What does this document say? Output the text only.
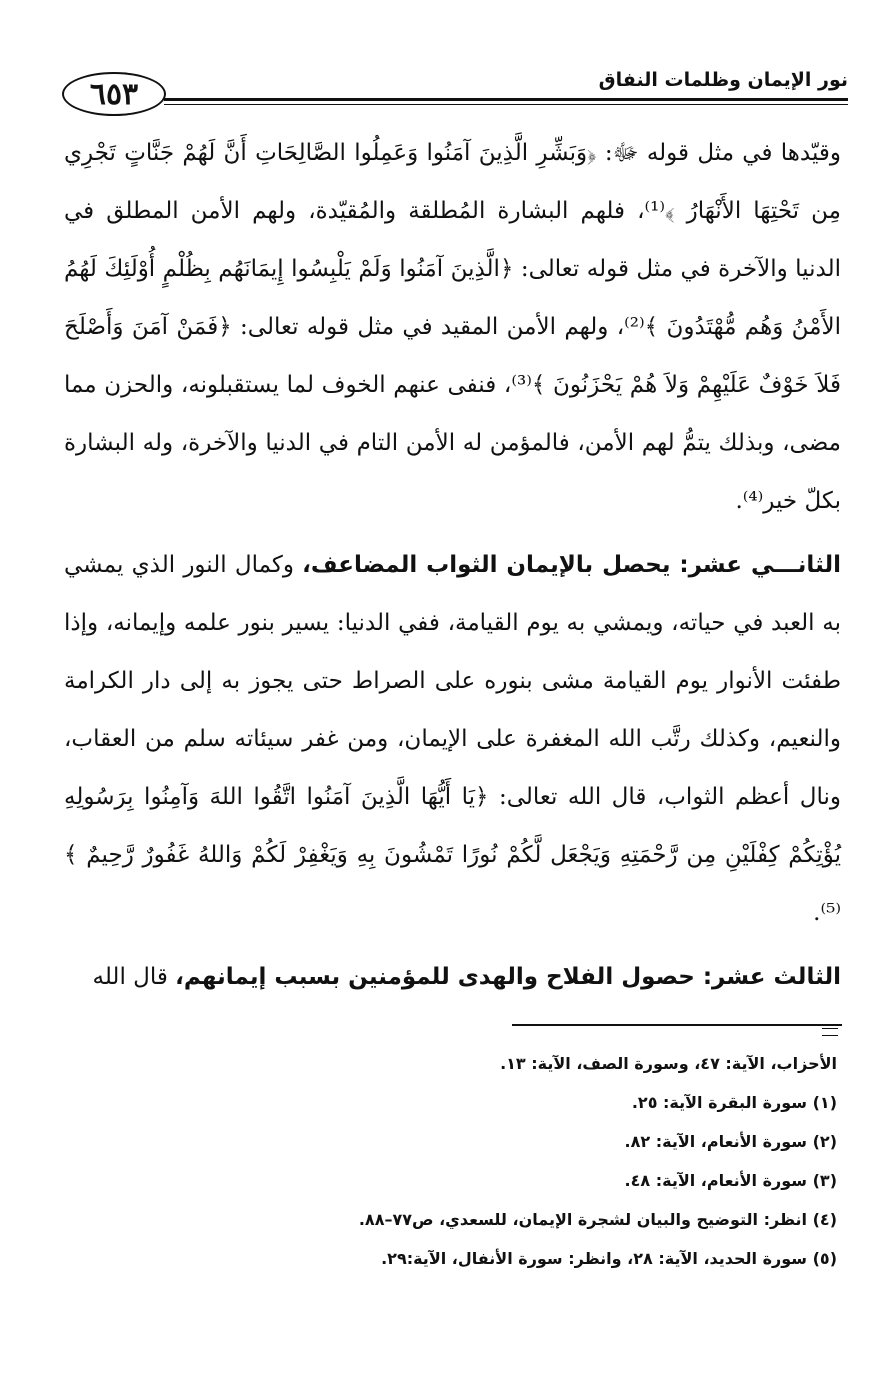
٦٥٣	نور الإيمان وظلمات النفاق

وقيّدها في مثل قوله ﷻ: ﴿وَبَشِّرِ الَّذِينَ آمَنُوا وَعَمِلُوا الصَّالِحَاتِ أَنَّ لَهُمْ جَنَّاتٍ تَجْرِي مِن تَحْتِهَا الأَنْهَارُ ﴾⁽¹⁾، فلهم البشارة المُطلقة والمُقيّدة، ولهم الأمن المطلق في الدنيا والآخرة في مثل قوله تعالى: ﴿الَّذِينَ آمَنُوا وَلَمْ يَلْبِسُوا إِيمَانَهُم بِظُلْمٍ أُوْلَئِكَ لَهُمُ الأَمْنُ وَهُم مُّهْتَدُونَ ﴾⁽²⁾، ولهم الأمن المقيد في مثل قوله تعالى: ﴿فَمَنْ آمَنَ وَأَصْلَحَ فَلاَ خَوْفٌ عَلَيْهِمْ وَلاَ هُمْ يَحْزَنُونَ ﴾⁽³⁾، فنفى عنهم الخوف لما يستقبلونه، والحزن مما مضى، وبذلك يتمُّ لهم الأمن، فالمؤمن له الأمن التام في الدنيا والآخرة، وله البشارة بكلّ خير⁽⁴⁾.

الثانـــي عشر: يحصل بالإيمان الثواب المضاعف، وكمال النور الذي يمشي به العبد في حياته، ويمشي به يوم القيامة، ففي الدنيا: يسير بنور علمه وإيمانه، وإذا طفئت الأنوار يوم القيامة مشى بنوره على الصراط حتى يجوز به إلى دار الكرامة والنعيم، وكذلك رتَّب الله المغفرة على الإيمان، ومن غفر سيئاته سلم من العقاب، ونال أعظم الثواب، قال الله تعالى: ﴿يَا أَيُّهَا الَّذِينَ آمَنُوا اتَّقُوا اللهَ وَآمِنُوا بِرَسُولِهِ يُؤْتِكُمْ كِفْلَيْنِ مِن رَّحْمَتِهِ وَيَجْعَل لَّكُمْ نُورًا تَمْشُونَ بِهِ وَيَغْفِرْ لَكُمْ وَاللهُ غَفُورٌ رَّحِيمٌ ﴾⁽⁵⁾.

الثالث عشر: حصول الفلاح والهدى للمؤمنين بسبب إيمانهم، قال الله

الأحزاب، الآية: ٤٧، وسورة الصف، الآية: ١٣.

(١) سورة البقرة الآية: ٢٥.

(٢) سورة الأنعام، الآية: ٨٢.

(٣) سورة الأنعام، الآية: ٤٨.

(٤) انظر: التوضيح والبيان لشجرة الإيمان، للسعدي، ص٧٧–٨٨.

(٥) سورة الحديد، الآية: ٢٨، وانظر: سورة الأنفال، الآية:٢٩.
